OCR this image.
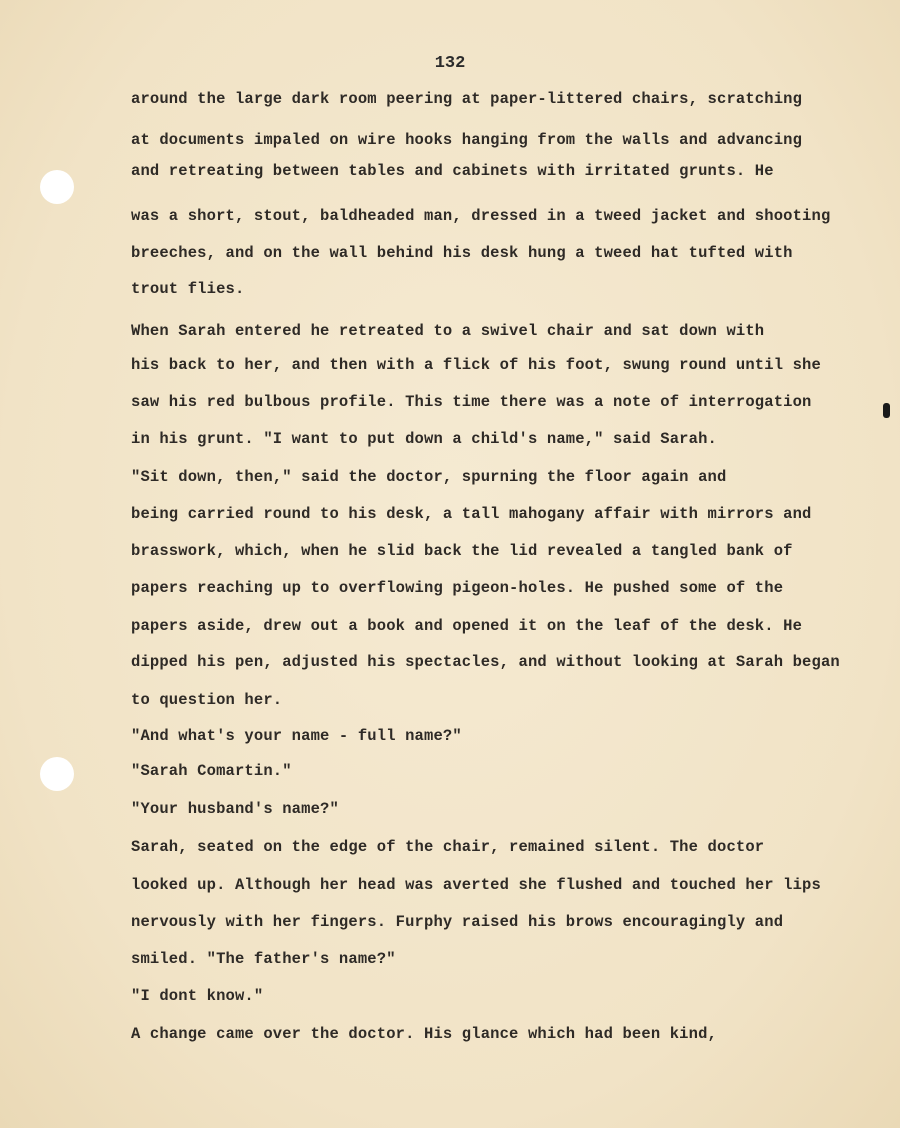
132
around the large dark room peering at paper-littered chairs, scratching
at documents impaled on wire hooks hanging from the walls and advancing
and retreating between tables and cabinets with irritated grunts. He
was a short, stout, baldheaded man, dressed in a tweed jacket and shooting
breeches, and on the wall behind his desk hung a tweed hat tufted with
trout flies.
When Sarah entered he retreated to a swivel chair and sat down with
his back to her, and then with a flick of his foot, swung round until she
saw his red bulbous profile. This time there was a note of interrogation
in his grunt. "I want to put down a child's name," said Sarah.
"Sit down, then," said the doctor, spurning the floor again and
being carried round to his desk, a tall mahogany affair with mirrors and
brasswork, which, when he slid back the lid revealed a tangled bank of
papers reaching up to overflowing pigeon-holes. He pushed some of the
papers aside, drew out a book and opened it on the leaf of the desk. He
dipped his pen, adjusted his spectacles, and without looking at Sarah began
to question her.
"And what's your name - full name?"
"Sarah Comartin."
"Your husband's name?"
Sarah, seated on the edge of the chair, remained silent. The doctor
looked up. Although her head was averted she flushed and touched her lips
nervously with her fingers. Furphy raised his brows encouragingly and
smiled. "The father's name?"
"I dont know."
A change came over the doctor. His glance which had been kind,
